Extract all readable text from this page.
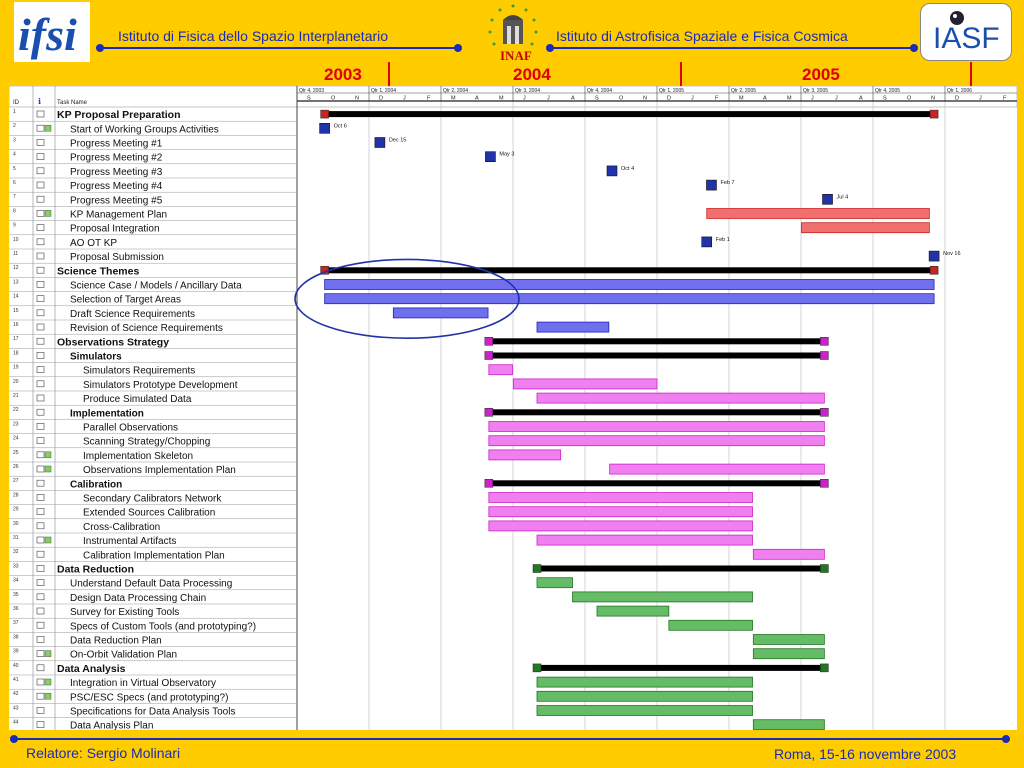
ifsi	Istituto di Fisica dello Spazio Interplanetario
INAF
Istituto di Astrofisica Spaziale e Fisica Cosmica	IASF
2003	2004	2005
ID ℹ	Task Name
Qtr 4, 2003	Qtr 1, 2004	Qtr 2, 2004	Qtr 3, 2004	Qtr 4, 2004	Qtr 1, 2005	Qtr 2, 2005	Qtr 3, 2005	Qtr 4, 2005	Qtr 1, 2006
S	O	N	D	J	F	M	A	M	J	J	A	S	O	N	D	J	F	M	A	M	J	J	A	S	O	N	D	J	F
1	KP Proposal Preparation
2	Start of Working Groups Activities	Oct 6
3	Progress Meeting #1	Dec 15
4	Progress Meeting #2	May 3
5	Progress Meeting #3	Oct 4
6	Progress Meeting #4	Feb 7
7	Progress Meeting #5	Jul 4
8	KP Management Plan
9	Proposal Integration
10	AO OT KP	Feb 1
11	Proposal Submission	Nov 16
12	Science Themes
13	Science Case / Models / Ancillary Data
14	Selection of Target Areas
15	Draft Science Requirements
16	Revision of Science Requirements
17	Observations Strategy
18	Simulators
19	Simulators Requirements
20	Simulators Prototype Development
21	Produce Simulated Data
22	Implementation
23	Parallel Observations
24	Scanning Strategy/Chopping
25	Implementation Skeleton
26	Observations Implementation Plan
27	Calibration
28	Secondary Calibrators Network
29	Extended Sources Calibration
30	Cross-Calibration
31	Instrumental Artifacts
32	Calibration Implementation Plan
33	Data Reduction
34	Understand Default Data Processing
35	Design Data Processing Chain
36	Survey for Existing Tools
37	Specs of Custom Tools (and prototyping?)
38	Data Reduction Plan
39	On-Orbit Validation Plan
40	Data Analysis
41	Integration in Virtual Observatory
42	PSC/ESC Specs (and prototyping?)
43	Specifications for Data Analysis Tools
44	Data Analysis Plan
Relatore: Sergio Molinari	Roma, 15-16 novembre 2003
